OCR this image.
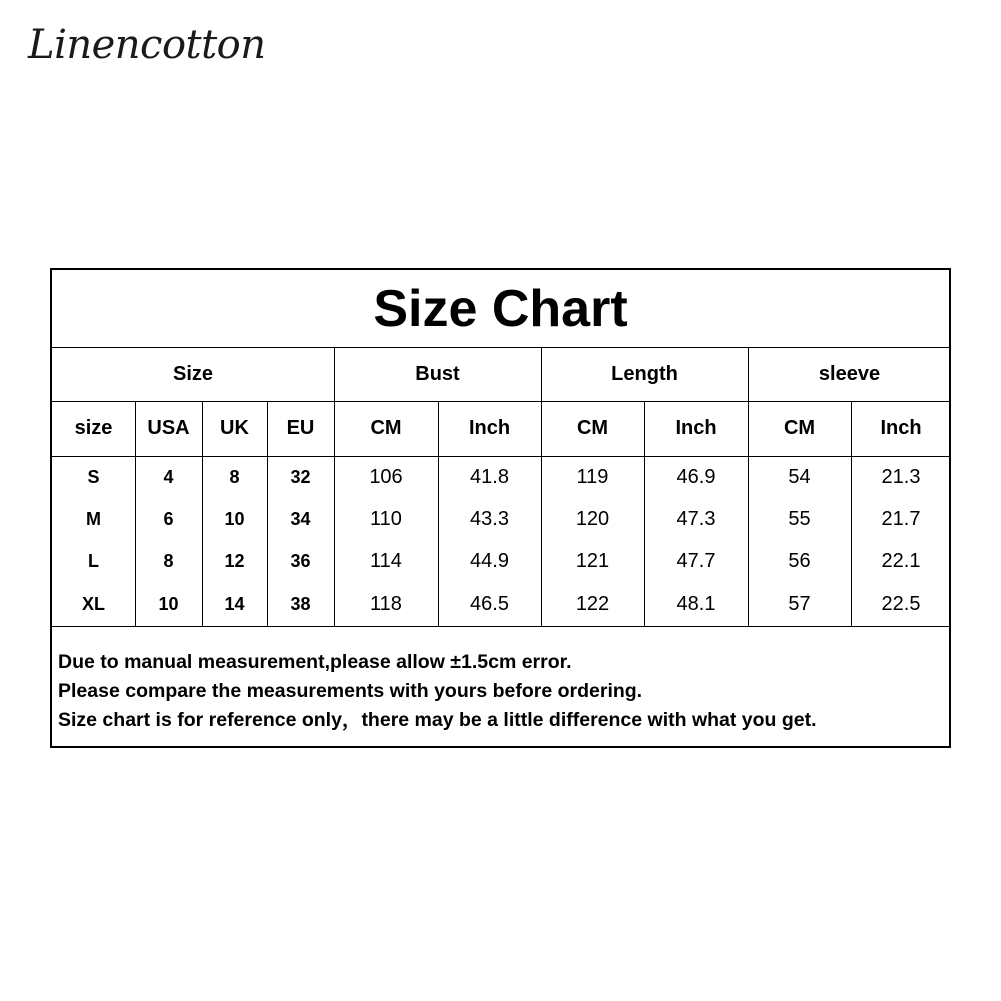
Linencotton
Size Chart
Size	Bust	Length	sleeve
size	USA	UK	EU	CM	Inch	CM	Inch	CM	Inch
S	4	8	32	106	41.8	119	46.9	54	21.3
M	6	10	34	110	43.3	120	47.3	55	21.7
L	8	12	36	114	44.9	121	47.7	56	22.1
XL	10	14	38	118	46.5	122	48.1	57	22.5
Due to manual measurement,please allow ±1.5cm error.
Please compare the measurements with yours before ordering.
Size chart is for reference only，there may be a little difference with what you get.
